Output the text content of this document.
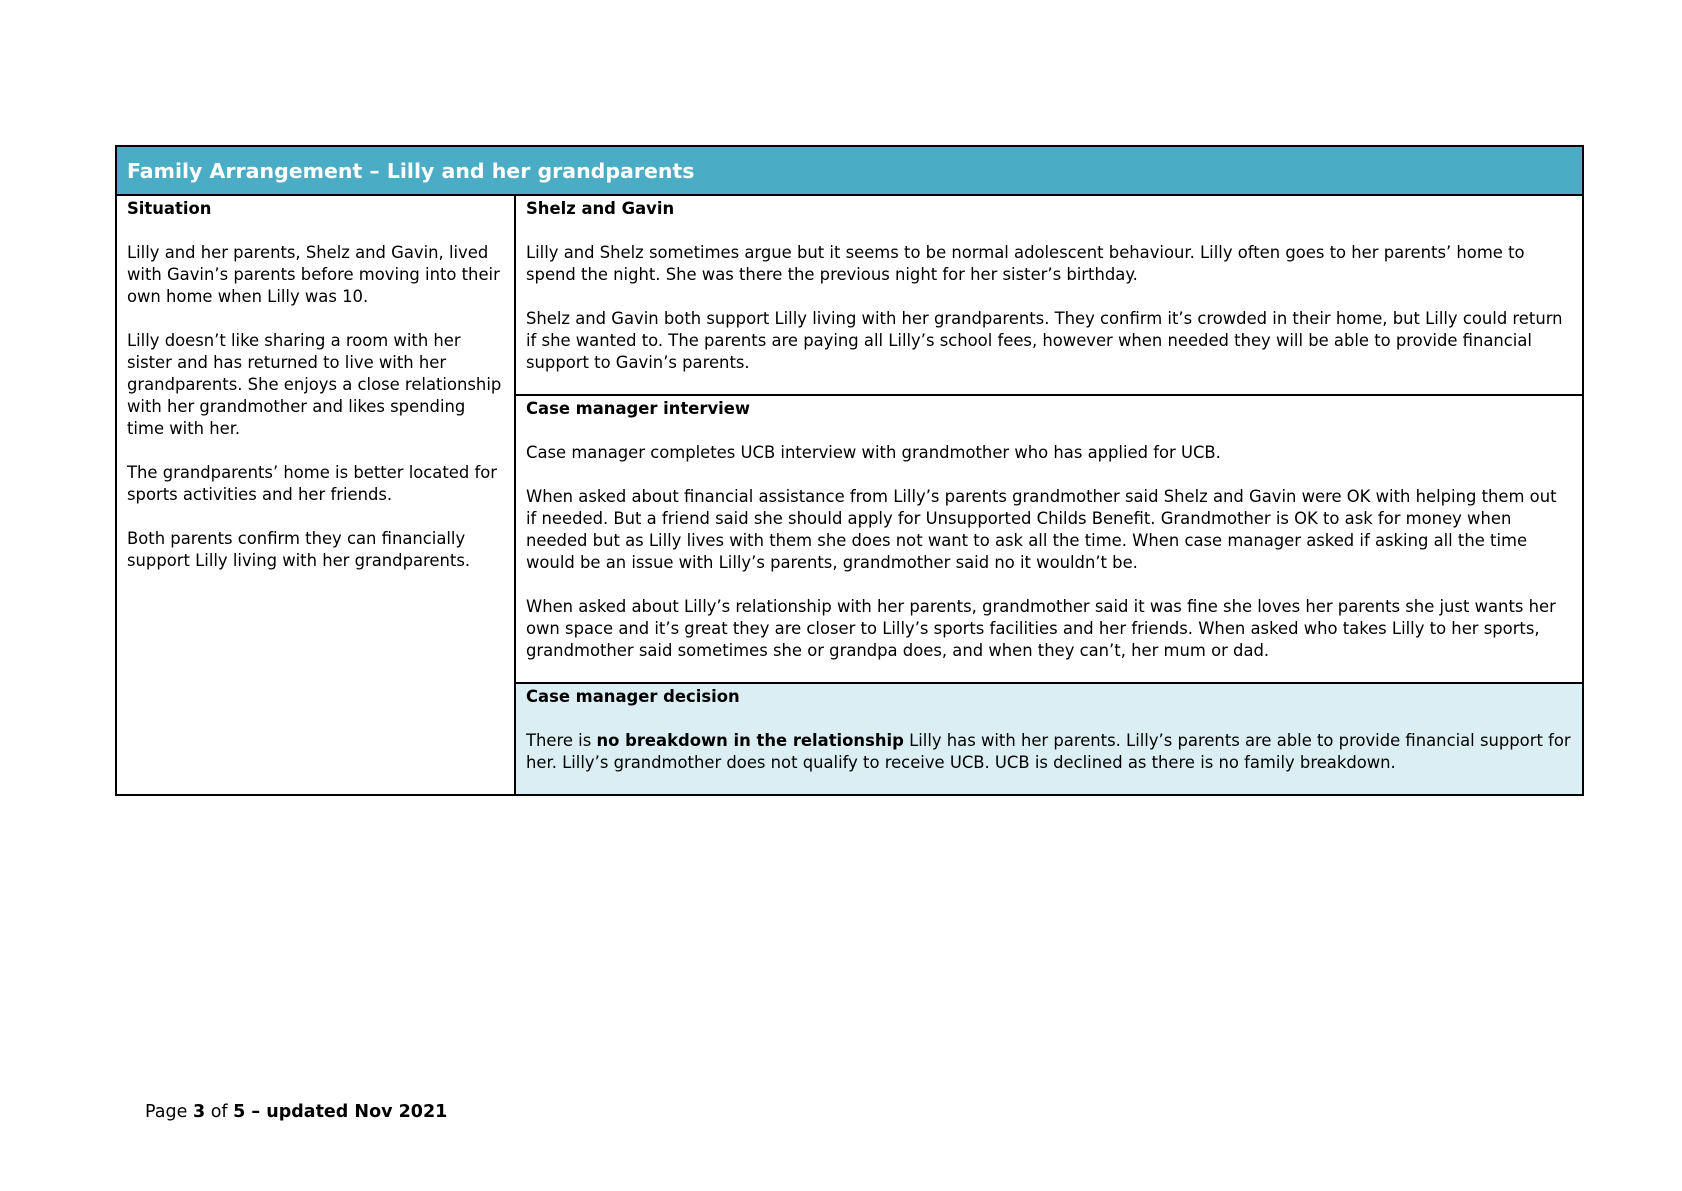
Family Arrangement – Lilly and her grandparents
Situation

Lilly and her parents, Shelz and Gavin, lived with Gavin’s parents before moving into their own home when Lilly was 10.

Lilly doesn’t like sharing a room with her sister and has returned to live with her grandparents. She enjoys a close relationship with her grandmother and likes spending time with her.

The grandparents’ home is better located for sports activities and her friends.

Both parents confirm they can financially support Lilly living with her grandparents.

Shelz and Gavin

Lilly and Shelz sometimes argue but it seems to be normal adolescent behaviour. Lilly often goes to her parents’ home to spend the night. She was there the previous night for her sister’s birthday.

Shelz and Gavin both support Lilly living with her grandparents. They confirm it’s crowded in their home, but Lilly could return if she wanted to. The parents are paying all Lilly’s school fees, however when needed they will be able to provide financial support to Gavin’s parents.

Case manager interview

Case manager completes UCB interview with grandmother who has applied for UCB.

When asked about financial assistance from Lilly’s parents grandmother said Shelz and Gavin were OK with helping them out if needed. But a friend said she should apply for Unsupported Childs Benefit. Grandmother is OK to ask for money when needed but as Lilly lives with them she does not want to ask all the time. When case manager asked if asking all the time would be an issue with Lilly’s parents, grandmother said no it wouldn’t be.

When asked about Lilly’s relationship with her parents, grandmother said it was fine she loves her parents she just wants her own space and it’s great they are closer to Lilly’s sports facilities and her friends. When asked who takes Lilly to her sports, grandmother said sometimes she or grandpa does, and when they can’t, her mum or dad.

Case manager decision

There is no breakdown in the relationship Lilly has with her parents. Lilly’s parents are able to provide financial support for her. Lilly’s grandmother does not qualify to receive UCB. UCB is declined as there is no family breakdown.

Page 3 of 5 – updated Nov 2021
